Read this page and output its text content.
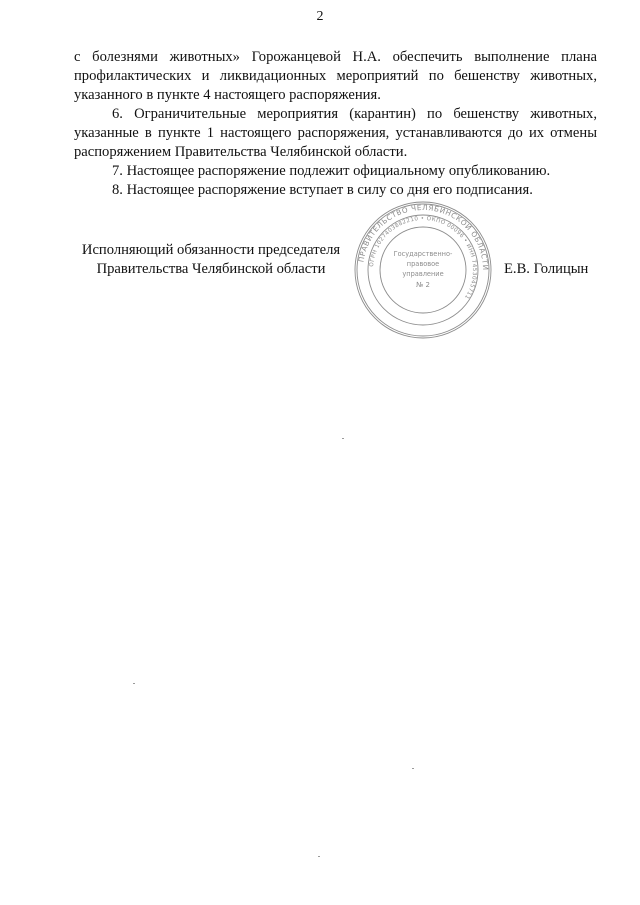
2

с болезнями животных» Горожанцевой Н.А. обеспечить выполнение плана профилактических и ликвидационных мероприятий по бешенству животных, указанного в пункте 4 настоящего распоряжения.

6. Ограничительные мероприятия (карантин) по бешенству животных, указанные в пункте 1 настоящего распоряжения, устанавливаются до их отмены распоряжением Правительства Челябинской области.

7. Настоящее распоряжение подлежит официальному опубликованию.

8. Настоящее распоряжение вступает в силу со дня его подписания.

Исполняющий обязанности председателя
Правительства Челябинской области	Е.В. Голицын
ПРАВИТЕЛЬСТВО ЧЕЛЯБИНСКОЙ ОБЛАСТИ
ОГРН 1027403882210 • ОКПО 00096 • ИНН 7453045711
Государственно-
правовое
управление
№ 2
